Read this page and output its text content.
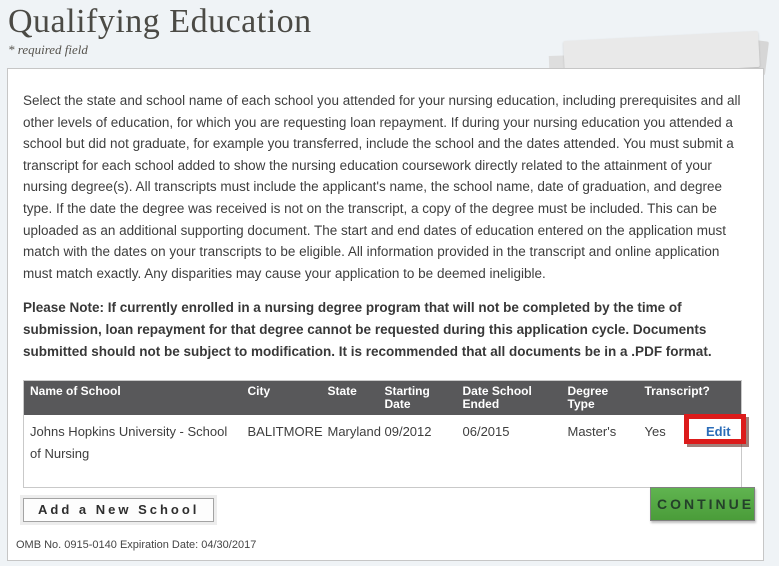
Qualifying Education
* required field

Select the state and school name of each school you attended for your nursing education, including prerequisites and all other levels of education, for which you are requesting loan repayment. If during your nursing education you attended a school but did not graduate, for example you transferred, include the school and the dates attended. You must submit a transcript for each school added to show the nursing education coursework directly related to the attainment of your nursing degree(s). All transcripts must include the applicant's name, the school name, date of graduation, and degree type. If the date the degree was received is not on the transcript, a copy of the degree must be included. This can be uploaded as an additional supporting document. The start and end dates of education entered on the application must match with the dates on your transcripts to be eligible. All information provided in the transcript and online application must match exactly. Any disparities may cause your application to be deemed ineligible.

Please Note: If currently enrolled in a nursing degree program that will not be completed by the time of submission, loan repayment for that degree cannot be requested during this application cycle. Documents submitted should not be subject to modification. It is recommended that all documents be in a .PDF format.

Name of School	City	State	Starting Date	Date School Ended	Degree Type	Transcript?	
Johns Hopkins University - School of Nursing	BALITMORE	Maryland	09/2012	06/2015	Master's	Yes	Edit
Add a New School	CONTINUE
OMB No. 0915-0140 Expiration Date: 04/30/2017
